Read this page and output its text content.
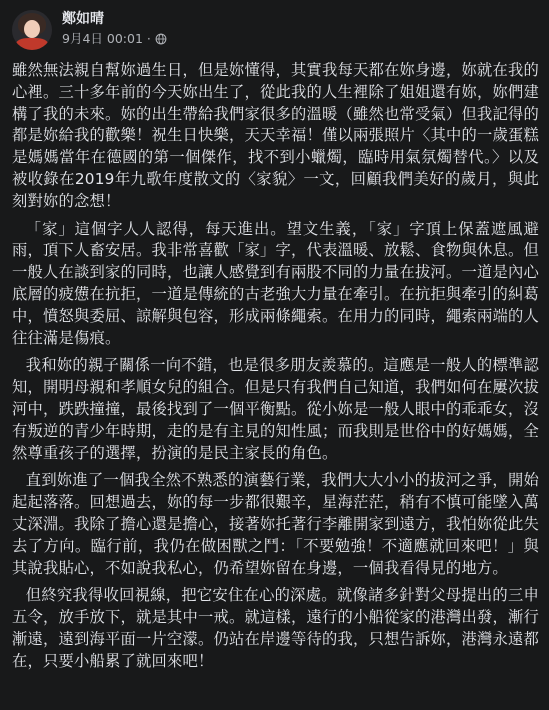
鄭如晴
9月4日 00:01 ·

雖然無法親自幫妳過生日，但是妳懂得，其實我每天都在妳身邊，妳就在我的心裡。三十多年前的今天妳出生了，從此我的人生裡除了姐姐還有妳，妳們建構了我的未來。妳的出生帶給我們家很多的溫暖（雖然也常受氣）但我記得的都是妳給我的歡樂！祝生日快樂，天天幸福！僅以兩張照片〈其中的一歲蛋糕是媽媽當年在德國的第一個傑作，找不到小蠟燭，臨時用氣氛燭替代。〉以及被收錄在2019年九歌年度散文的〈家貌〉一文，回顧我們美好的歲月，與此刻對妳的念想！

「家」這個字人人認得，每天進出。望文生義，「家」字頂上保蓋遮風避雨，頂下人畜安居。我非常喜歡「家」字，代表溫暖、放鬆、食物與休息。但一般人在談到家的同時，也讓人感覺到有兩股不同的力量在拔河。一道是內心底層的疲憊在抗拒，一道是傳統的古老強大力量在牽引。在抗拒與牽引的糾葛中，憤怒與委屈、諒解與包容，形成兩條繩索。在用力的同時，繩索兩端的人往往滿是傷痕。

我和妳的親子關係一向不錯，也是很多朋友羨慕的。這應是一般人的標準認知，開明母親和孝順女兒的組合。但是只有我們自己知道，我們如何在屢次拔河中，跌跌撞撞，最後找到了一個平衡點。從小妳是一般人眼中的乖乖女，沒有叛逆的青少年時期，走的是有主見的知性風；而我則是世俗中的好媽媽，全然尊重孩子的選擇，扮演的是民主家長的角色。

直到妳進了一個我全然不熟悉的演藝行業，我們大大小小的拔河之爭，開始起起落落。回想過去，妳的每一步都很艱辛，星海茫茫，稍有不慎可能墜入萬丈深淵。我除了擔心還是擔心，接著妳托著行李離開家到遠方，我怕妳從此失去了方向。臨行前，我仍在做困獸之鬥：「不要勉強！不適應就回來吧！」與其說我貼心，不如說我私心，仍希望妳留在身邊，一個我看得見的地方。

但終究我得收回視線，把它安住在心的深處。就像諸多針對父母提出的三申五令，放手放下，就是其中一戒。就這樣，遠行的小船從家的港灣出發，漸行漸遠，遠到海平面一片空濛。仍站在岸邊等待的我，只想告訴妳，港灣永遠都在，只要小船累了就回來吧！
